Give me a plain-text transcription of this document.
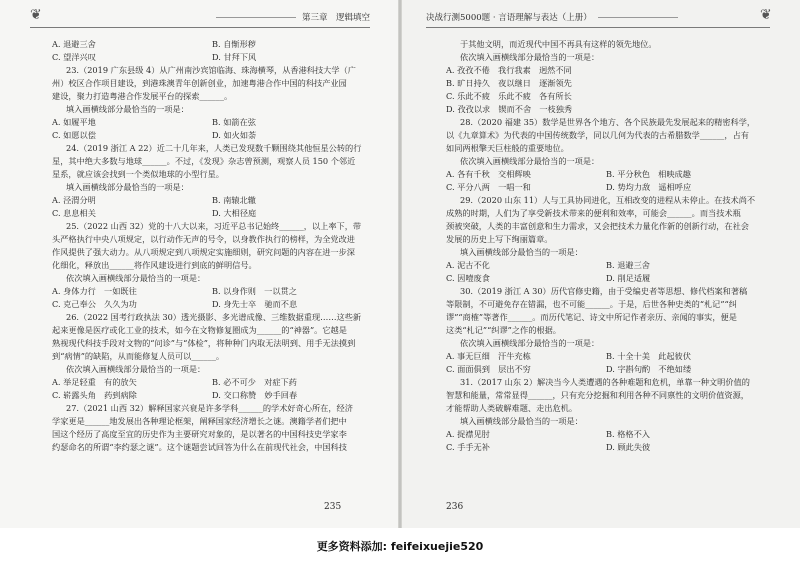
❦	第三章　逻辑填空	决战行测5000题 · 言语理解与表达（上册）	❦
A. 退避三舍	B. 自惭形秽
C. 望洋兴叹	D. 甘拜下风
23.（2019 广东县级 4）从广州南沙宾馆临海、珠海横琴，从香港科技大学（广
州）校区合作项目建设，到港珠澳青年创新创业，加速粤港合作中国的科技产业园
建设，聚力打造粤港合作发展平台的探索______。
填入画横线部分最恰当的一项是：
A. 如履平地	B. 如箭在弦
C. 如愿以偿	D. 如火如荼
24.（2019 浙江 A 22）近二十几年来，人类已发现数千颗围绕其他恒星公转的行
星，其中绝大多数与地球______。不过，《发现》杂志曾预测，观察人员 150 个邻近
星系，就应该会找到一个类似地球的小型行星。
填入画横线部分最恰当的一项是：
A. 泾渭分明	B. 南辕北辙
C. 息息相关	D. 大相径庭
25.（2022 山西 32）党的十八大以来，习近平总书记始终______，以上率下，带
头严格执行中央八项规定，以行动作无声的号令，以身教作执行的榜样，为全党改进
作风提供了强大动力。从八项规定到八项规定实施细则，研究问题的内容在进一步深
化细化，释放出______将作风建设进行到底的鲜明信号。
依次填入画横线部分最恰当的一项是：
A. 身体力行　一如既往	B. 以身作则　一以贯之
C. 克己奉公　久久为功	D. 身先士卒　驰而不息
26.（2022 国考行政执法 30）透光摄影、多光谱成像、三维数据重现……这些新
起来更像是医疗或化工业的技术，如今在文物修复圈成为______的“神器”。它越是
熟视现代科技手段对文物的“问诊”与“体检”，将种种门内取无法明到、用手无法摸到
到“病情”的缺陷，从而能修复人员可以______。
依次填入画横线部分最恰当的一项是：
A. 举足轻重　有的放矢	B. 必不可少　对症下药
C. 崭露头角　药到病除	D. 交口称赞　妙手回春
27.（2021 山西 32）解释国家兴衰是许多学科______的学术好奇心所在，经济
学家更是______地发展出各种理论框架，阐释国家经济增长之谜。澳籍学者们把中
国这个经历了高度至宜的历史作为主要研究对象的，是以著名的中国科技史学家李
约瑟命名的所谓“李约瑟之谜”。这个谜题尝试回答为什么在前现代社会，中国科技
于其他文明，而近现代中国不再具有这样的领先地位。
依次填入画横线部分最恰当的一项是：
A. 孜孜不倦　我行我素　迥然不同
B. 旷日持久　夜以继日　逐渐领先
C. 乐此不疲　乐此不疲　各有所长
D. 孜孜以求　锲而不舍　一枝独秀
28.（2020 福建 35）数学是世界各个地方、各个民族最先发展起来的精密科学，
以《九章算术》为代表的中国传统数学，同以几何为代表的古希腊数学______，占有
如同两根擎天巨柱般的重要地位。
依次填入画横线部分最恰当的一项是：
A. 各有千秋　交相辉映	B. 平分秋色　相映成趣
C. 平分八两　一唱一和	D. 势均力敌　遥相呼应
29.（2020 山东 11）人与工具协同进化，互相改变的进程从未停止。在技术尚不
成熟的时期，人们为了享受新技术带来的便利和效率，可能会______。而当技术瓶
颈被突破，人类的丰富创意和生力需求，又会把技术力量化作新的创新行动，在社会
发展的历史上写下绚丽篇章。
填入画横线部分最恰当的一项是：
A. 泥古不化	B. 退避三舍
C. 因噎废食	D. 削足适履
30.（2019 浙江 A 30）历代官修史籍，由于受编史者等思想、修代档案和著稿
等限制，不可避免存在错漏，也不可能______。于是，后世各种史类的“札记”“纠
谬”“商榷”等著作______。而历代笔记、诗文中所记作者亲历、亲闻的事实，便是
这类“札记”“纠谬”之作的根据。
依次填入画横线部分最恰当的一项是：
A. 事无巨细　汗牛充栋	B. 十全十美　此起彼伏
C. 面面俱到　层出不穷	D. 字斟句酌　不绝如缕
31.（2017 山东 2）解决当今人类遭遇的各种难题和危机，单靠一种文明价值的
智慧和能量，常常显得______，只有充分挖掘和利用各种不同禀性的文明价值资源，
才能帮助人类破解难题、走出危机。
填入画横线部分最恰当的一项是：
A. 捉襟见肘	B. 格格不入
C. 手手无补	D. 顾此失彼
235	236
更多资料添加: feifeixuejie520
